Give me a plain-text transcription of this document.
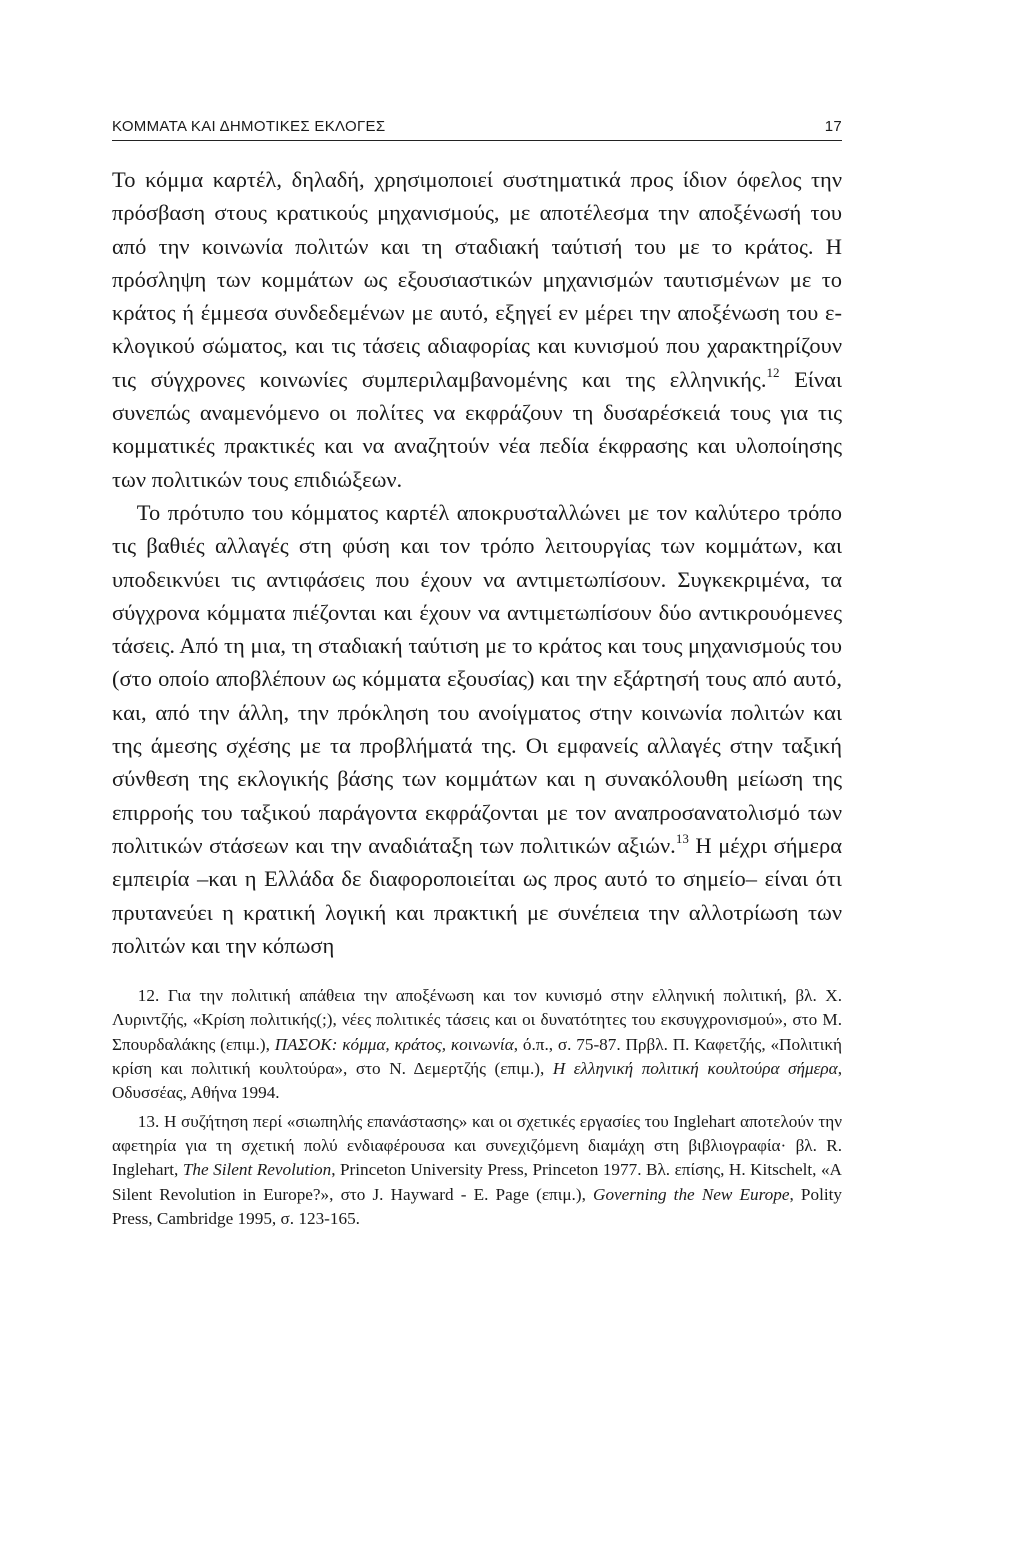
ΚΟΜΜΑΤΑ ΚΑΙ ΔΗΜΟΤΙΚΕΣ ΕΚΛΟΓΕΣ	17

Το κόμμα καρτέλ, δηλαδή, χρησιμοποιεί συστηματικά προς ίδιον όφελος την πρόσβαση στους κρατικούς μηχανισμούς, με αποτέλεσμα την αποξένωσή του από την κοινωνία πολιτών και τη σταδιακή ταύτισή του με το κράτος. Η πρόσληψη των κομμάτων ως εξουσιαστικών μηχανισμών ταυτισμένων με το κράτος ή έμμεσα συνδεδεμένων με αυτό, εξηγεί εν μέρει την αποξένωση του εκλογικού σώματος, και τις τάσεις αδιαφορίας και κυνισμού που χαρακτηρίζουν τις σύγχρονες κοινωνίες συμπεριλαμβανομένης και της ελληνικής.$^{12}$ Είναι συνεπώς αναμενόμενο οι πολίτες να εκφράζουν τη δυσαρέσκειά τους για τις κομματικές πρακτικές και να αναζητούν νέα πεδία έκφρασης και υλοποίησης των πολιτικών τους επιδιώξεων.

Το πρότυπο του κόμματος καρτέλ αποκρυσταλλώνει με τον καλύτερο τρόπο τις βαθιές αλλαγές στη φύση και τον τρόπο λειτουργίας των κομμάτων, και υποδεικνύει τις αντιφάσεις που έχουν να αντιμετωπίσουν. Συγκεκριμένα, τα σύγχρονα κόμματα πιέζονται και έχουν να αντιμετωπίσουν δύο αντικρουόμενες τάσεις. Από τη μια, τη σταδιακή ταύτιση με το κράτος και τους μηχανισμούς του (στο οποίο αποβλέπουν ως κόμματα εξουσίας) και την εξάρτησή τους από αυτό, και, από την άλλη, την πρόκληση του ανοίγματος στην κοινωνία πολιτών και της άμεσης σχέσης με τα προβλήματά της. Οι εμφανείς αλλαγές στην ταξική σύνθεση της εκλογικής βάσης των κομμάτων και η συνακόλουθη μείωση της επιρροής του ταξικού παράγοντα εκφράζονται με τον αναπροσανατολισμό των πολιτικών στάσεων και την αναδιάταξη των πολιτικών αξιών.$^{13}$ Η μέχρι σήμερα εμπειρία –και η Ελλάδα δε διαφοροποιείται ως προς αυτό το σημείο– είναι ότι πρυτανεύει η κρατική λογική και πρακτική με συνέπεια την αλλοτρίωση των πολιτών και την κόπωση

12. Για την πολιτική απάθεια την αποξένωση και τον κυνισμό στην ελληνική πολιτική, βλ. Χ. Λυριντζής, «Κρίση πολιτικής(;), νέες πολιτικές τάσεις και οι δυνατότητες του εκσυγχρονισμού», στο Μ. Σπουρδαλάκης (επιμ.), ΠΑΣΟΚ: κόμμα, κράτος, κοινωνία, ό.π., σ. 75-87. Πρβλ. Π. Καφετζής, «Πολιτική κρίση και πολιτική κουλτούρα», στο Ν. Δεμερτζής (επιμ.), Η ελληνική πολιτική κουλτούρα σήμερα, Οδυσσέας, Αθήνα 1994.

13. Η συζήτηση περί «σιωπηλής επανάστασης» και οι σχετικές εργασίες του Inglehart αποτελούν την αφετηρία για τη σχετική πολύ ενδιαφέρουσα και συνεχιζόμενη διαμάχη στη βιβλιογραφία· βλ. R. Inglehart, The Silent Revolution, Princeton University Press, Princeton 1977. Βλ. επίσης, H. Kitschelt, «A Silent Revolution in Europe?», στο J. Hayward - E. Page (επιμ.), Governing the New Europe, Polity Press, Cambridge 1995, σ. 123-165.
